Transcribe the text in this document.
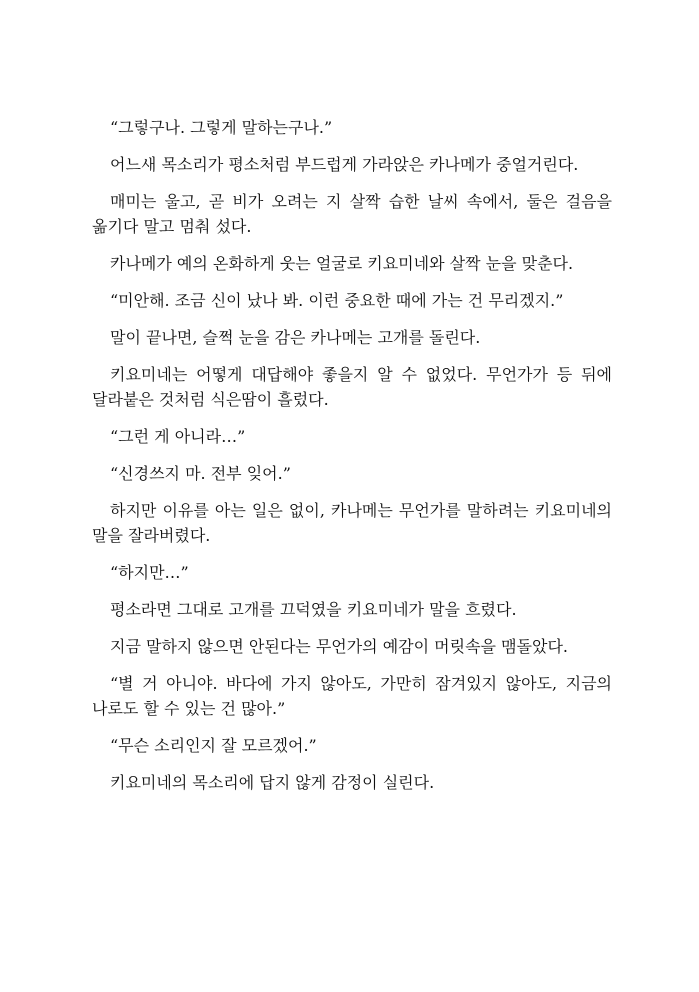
“그렇구나. 그렇게 말하는구나.”

어느새 목소리가 평소처럼 부드럽게 가라앉은 카나메가 중얼거린다.

매미는 울고, 곧 비가 오려는 지 살짝 습한 날씨 속에서, 둘은 걸음을 옮기다 말고 멈춰 섰다.

카나메가 예의 온화하게 웃는 얼굴로 키요미네와 살짝 눈을 맞춘다.

“미안해. 조금 신이 났나 봐. 이런 중요한 때에 가는 건 무리겠지.”

말이 끝나면, 슬쩍 눈을 감은 카나메는 고개를 돌린다.

키요미네는 어떻게 대답해야 좋을지 알 수 없었다. 무언가가 등 뒤에 달라붙은 것처럼 식은땀이 흘렀다.

“그런 게 아니라…”

“신경쓰지 마. 전부 잊어.”

하지만 이유를 아는 일은 없이, 카나메는 무언가를 말하려는 키요미네의 말을 잘라버렸다.

“하지만…”

평소라면 그대로 고개를 끄덕였을 키요미네가 말을 흐렸다.

지금 말하지 않으면 안된다는 무언가의 예감이 머릿속을 맴돌았다.

“별 거 아니야. 바다에 가지 않아도, 가만히 잠겨있지 않아도, 지금의 나로도 할 수 있는 건 많아.”

“무슨 소리인지 잘 모르겠어.”

키요미네의 목소리에 답지 않게 감정이 실린다.
